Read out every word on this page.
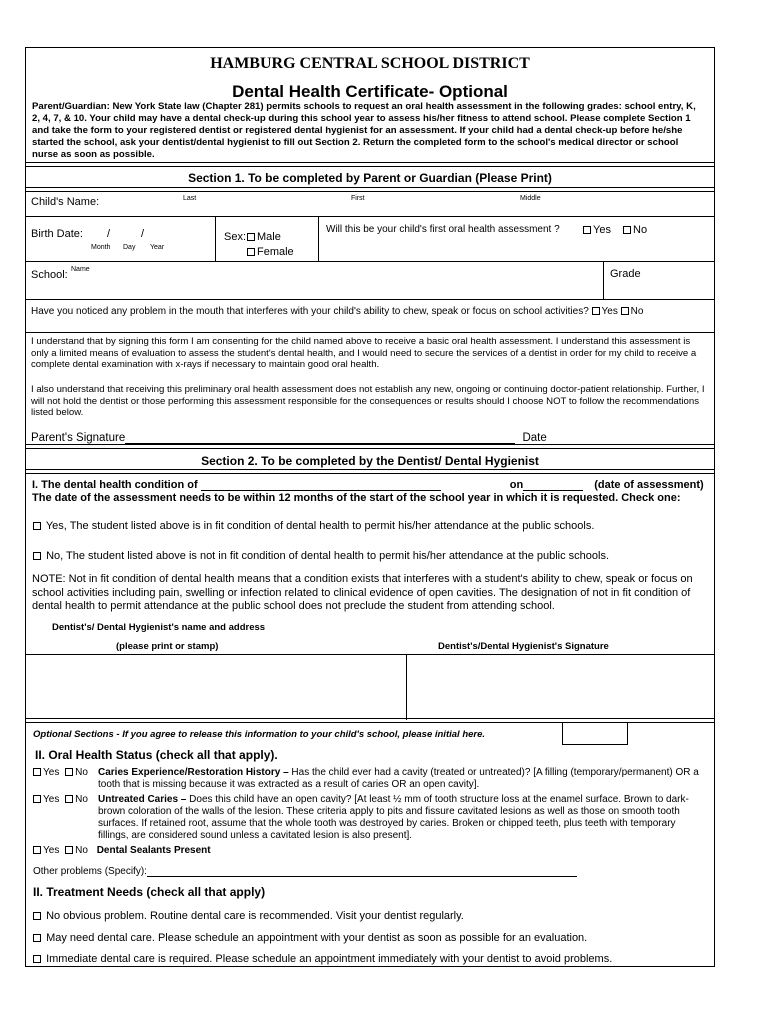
HAMBURG CENTRAL SCHOOL DISTRICT
Dental Health Certificate- Optional
Parent/Guardian: New York State law (Chapter 281) permits schools to request an oral health assessment in the following grades: school entry, K, 2, 4, 7, & 10. Your child may have a dental check-up during this school year to assess his/her fitness to attend school. Please complete Section 1 and take the form to your registered dentist or registered dental hygienist for an assessment. If your child had a dental check-up before he/she started the school, ask your dentist/dental hygienist to fill out Section 2. Return the completed form to the school's medical director or school nurse as soon as possible.
Section 1. To be completed by Parent or Guardian (Please Print)
Child's Name:	Last	First	Middle
Birth Date: /	/
Month Day Year
Sex: Male
Female
Will this be your child's first oral health assessment ?	Yes	No
School: Name	Grade
Have you noticed any problem in the mouth that interferes with your child's ability to chew, speak or focus on school activities? Yes No
I understand that by signing this form I am consenting for the child named above to receive a basic oral health assessment. I understand this assessment is only a limited means of evaluation to assess the student's dental health, and I would need to secure the services of a dentist in order for my child to receive a complete dental examination with x-rays if necessary to maintain good oral health.
I also understand that receiving this preliminary oral health assessment does not establish any new, ongoing or continuing doctor-patient relationship. Further, I will not hold the dentist or those performing this assessment responsible for the consequences or results should I choose NOT to follow the recommendations listed below.
Parent's Signature	Date
Section 2. To be completed by the Dentist/ Dental Hygienist
I. The dental health condition of	on	(date of assessment)
The date of the assessment needs to be within 12 months of the start of the school year in which it is requested. Check one:
Yes, The student listed above is in fit condition of dental health to permit his/her attendance at the public schools.
No, The student listed above is not in fit condition of dental health to permit his/her attendance at the public schools.
NOTE: Not in fit condition of dental health means that a condition exists that interferes with a student's ability to chew, speak or focus on school activities including pain, swelling or infection related to clinical evidence of open cavities. The designation of not in fit condition of dental health to permit attendance at the public school does not preclude the student from attending school.
Dentist's/ Dental Hygienist's name and address
(please print or stamp)	Dentist's/Dental Hygienist's Signature
Optional Sections - If you agree to release this information to your child's school, please initial here.
II. Oral Health Status (check all that apply).
Yes No Caries Experience/Restoration History – Has the child ever had a cavity (treated or untreated)? [A filling (temporary/permanent) OR a tooth that is missing because it was extracted as a result of caries OR an open cavity].
Yes No Untreated Caries – Does this child have an open cavity? [At least ½ mm of tooth structure loss at the enamel surface. Brown to dark-brown coloration of the walls of the lesion. These criteria apply to pits and fissure cavitated lesions as well as those on smooth tooth surfaces. If retained root, assume that the whole tooth was destroyed by caries. Broken or chipped teeth, plus teeth with temporary fillings, are considered sound unless a cavitated lesion is also present].
Yes No Dental Sealants Present
Other problems (Specify):
II. Treatment Needs (check all that apply)
No obvious problem. Routine dental care is recommended. Visit your dentist regularly.
May need dental care. Please schedule an appointment with your dentist as soon as possible for an evaluation.
Immediate dental care is required. Please schedule an appointment immediately with your dentist to avoid problems.
